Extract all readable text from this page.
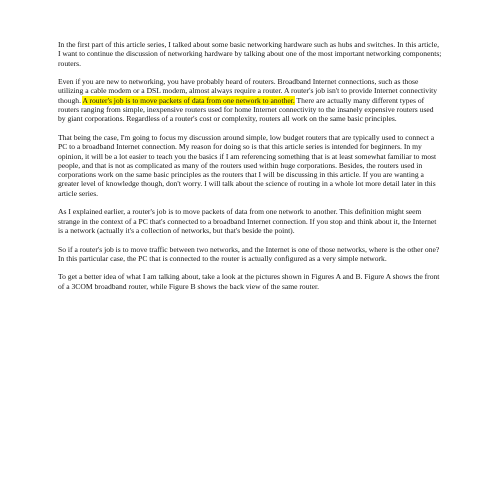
In the first part of this article series, I talked about some basic networking hardware such as hubs and switches. In this article, I want to continue the discussion of networking hardware by talking about one of the most important networking components; routers.

Even if you are new to networking, you have probably heard of routers. Broadband Internet connections, such as those utilizing a cable modem or a DSL modem, almost always require a router. A router's job isn't to provide Internet connectivity though. A router's job is to move packets of data from one network to another. There are actually many different types of routers ranging from simple, inexpensive routers used for home Internet connectivity to the insanely expensive routers used by giant corporations. Regardless of a router's cost or complexity, routers all work on the same basic principles.

That being the case, I'm going to focus my discussion around simple, low budget routers that are typically used to connect a PC to a broadband Internet connection. My reason for doing so is that this article series is intended for beginners. In my opinion, it will be a lot easier to teach you the basics if I am referencing something that is at least somewhat familiar to most people, and that is not as complicated as many of the routers used within huge corporations. Besides, the routers used in corporations work on the same basic principles as the routers that I will be discussing in this article. If you are wanting a greater level of knowledge though, don't worry. I will talk about the science of routing in a whole lot more detail later in this article series.

As I explained earlier, a router's job is to move packets of data from one network to another. This definition might seem strange in the context of a PC that's connected to a broadband Internet connection. If you stop and think about it, the Internet is a network (actually it's a collection of networks, but that's beside the point).

So if a router's job is to move traffic between two networks, and the Internet is one of those networks, where is the other one? In this particular case, the PC that is connected to the router is actually configured as a very simple network.

To get a better idea of what I am talking about, take a look at the pictures shown in Figures A and B. Figure A shows the front of a 3COM broadband router, while Figure B shows the back view of the same router.
